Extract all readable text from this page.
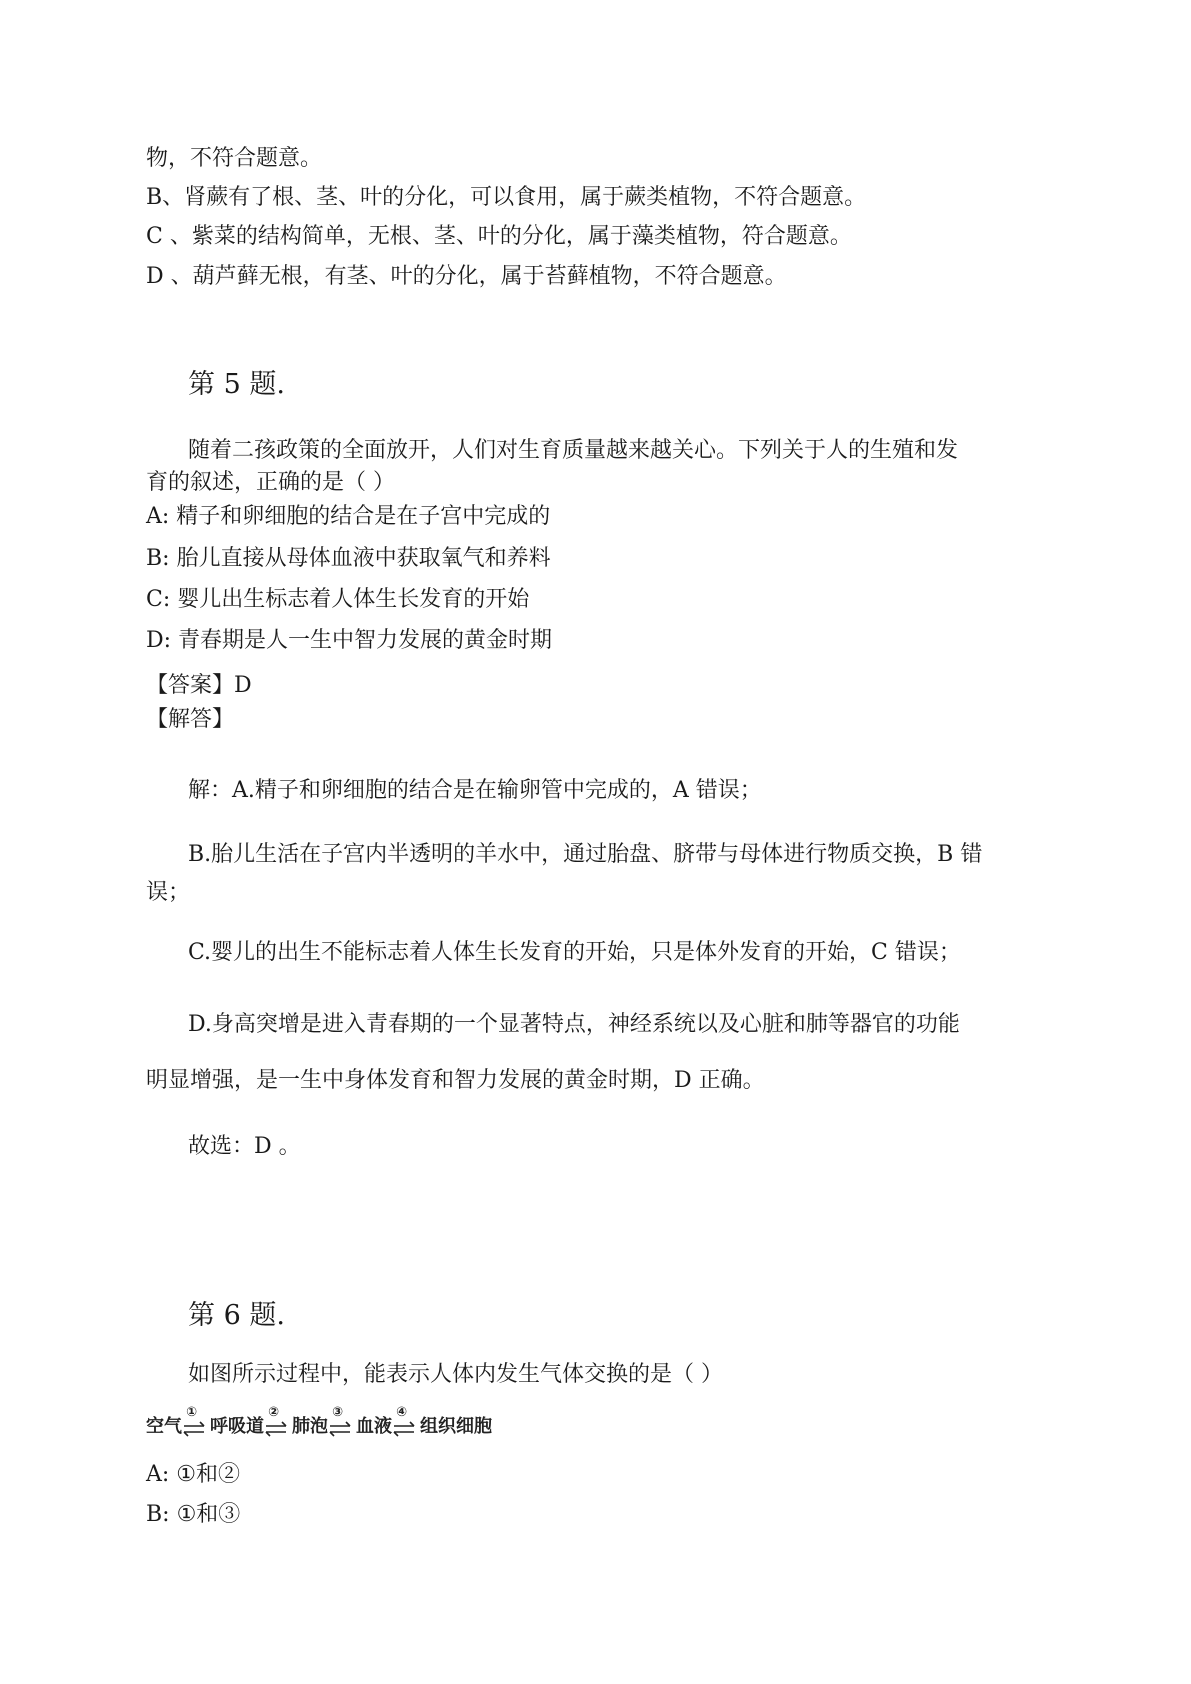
物，不符合题意。
B、肾蕨有了根、茎、叶的分化，可以食用，属于蕨类植物，不符合题意。
C 、紫菜的结构简单，无根、茎、叶的分化，属于藻类植物，符合题意。
D 、葫芦藓无根，有茎、叶的分化，属于苔藓植物，不符合题意。
第 5 题.
随着二孩政策的全面放开，人们对生育质量越来越关心。下列关于人的生殖和发
育的叙述，正确的是（ ）
A: 精子和卵细胞的结合是在子宫中完成的
B: 胎儿直接从母体血液中获取氧气和养料
C: 婴儿出生标志着人体生长发育的开始
D: 青春期是人一生中智力发展的黄金时期
【答案】D
【解答】
解：A.精子和卵细胞的结合是在输卵管中完成的，A 错误；
B.胎儿生活在子宫内半透明的羊水中，通过胎盘、脐带与母体进行物质交换，B 错
误；
C.婴儿的出生不能标志着人体生长发育的开始，只是体外发育的开始，C 错误；
D.身高突增是进入青春期的一个显著特点，神经系统以及心脏和肺等器官的功能
明显增强，是一生中身体发育和智力发展的黄金时期，D 正确。
故选：D 。
第 6 题.
如图所示过程中，能表示人体内发生气体交换的是（ ）
空气
①
呼吸道
②
肺泡
③
血液
④
组织细胞
A: ①和②
B: ①和③
